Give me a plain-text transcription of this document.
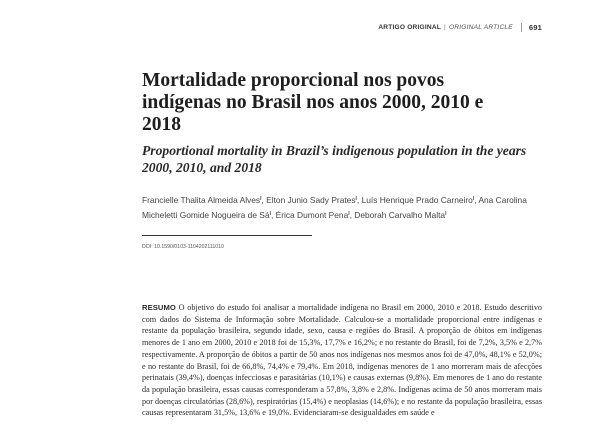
ARTIGO ORIGINAL | ORIGINAL ARTICLE	691
Mortalidade proporcional nos povos indígenas no Brasil nos anos 2000, 2010 e 2018
Proportional mortality in Brazil’s indigenous population in the years 2000, 2010, and 2018
Francielle Thalita Almeida Alves$^I$, Elton Junio Sady Prates$^I$, Luís Henrique Prado Carneiro$^I$, Ana Carolina Micheletti Gomide Nogueira de $Sá^I$, Érica Dumont Pena$^I$, Deborah Carvalho Malta$^I$
DOI: 10.1590/0103-1104202111010
RESUMO O objetivo do estudo foi analisar a mortalidade indígena no Brasil em 2000, 2010 e 2018. Estudo descritivo com dados do Sistema de Informação sobre Mortalidade. Calculou-se a mortalidade proporcional entre indígenas e restante da população brasileira, segundo idade, sexo, causa e regiões do Brasil. A proporção de óbitos em indígenas menores de 1 ano em 2000, 2010 e 2018 foi de 15,3%, 17,7% e 16,2%; e no restante do Brasil, foi de 7,2%, 3,5% e 2,7% respectivamente. A proporção de óbitos a partir de 50 anos nos indígenas nos mesmos anos foi de 47,0%, 48,1% e 52,0%; e no restante do Brasil, foi de 66,8%, 74,4% e 79,4%. Em 2018, indígenas menores de 1 ano morreram mais de afecções perinatais (39,4%), doenças infecciosas e parasitárias (10,1%) e causas externas (9,8%). Em menores de 1 ano do restante da população brasileira, essas causas corresponderam a 57,8%, 3,8% e 2,8%. Indígenas acima de 50 anos morreram mais por doenças circulatórias (28,6%), respiratórias (15,4%) e neoplasias (14,6%); e no restante da população brasileira, essas causas representaram 31,5%, 13,6% e 19,0%. Evidenciaram-se desigualdades em saúde e
